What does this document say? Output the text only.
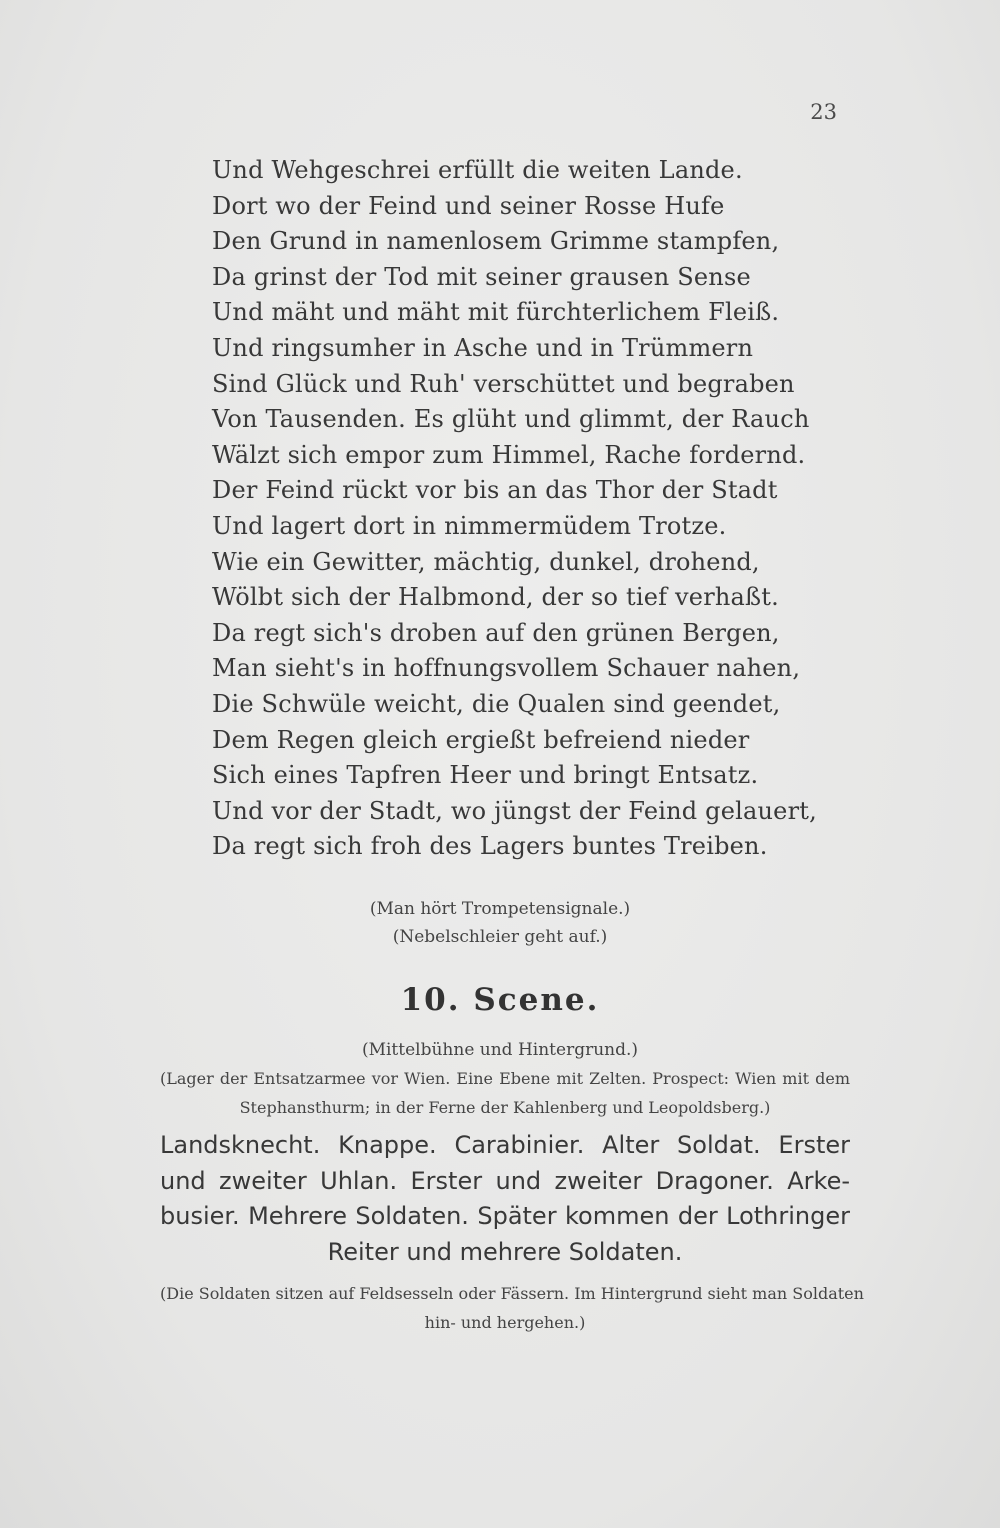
23
Und Wehgeschrei erfüllt die weiten Lande.
Dort wo der Feind und seiner Rosse Hufe
Den Grund in namenlosem Grimme stampfen,
Da grinst der Tod mit seiner grausen Sense
Und mäht und mäht mit fürchterlichem Fleiß.
Und ringsumher in Asche und in Trümmern
Sind Glück und Ruh' verschüttet und begraben
Von Tausenden. Es glüht und glimmt, der Rauch
Wälzt sich empor zum Himmel, Rache fordernd.
Der Feind rückt vor bis an das Thor der Stadt
Und lagert dort in nimmermüdem Trotze.
Wie ein Gewitter, mächtig, dunkel, drohend,
Wölbt sich der Halbmond, der so tief verhaßt.
Da regt sich's droben auf den grünen Bergen,
Man sieht's in hoffnungsvollem Schauer nahen,
Die Schwüle weicht, die Qualen sind geendet,
Dem Regen gleich ergießt befreiend nieder
Sich eines Tapfren Heer und bringt Entsatz.
Und vor der Stadt, wo jüngst der Feind gelauert,
Da regt sich froh des Lagers buntes Treiben.
(Man hört Trompetensignale.)
(Nebelschleier geht auf.)
10. Scene.
(Mittelbühne und Hintergrund.)
(Lager der Entsatzarmee vor Wien. Eine Ebene mit Zelten. Prospect: Wien mit dem
Stephansthurm; in der Ferne der Kahlenberg und Leopoldsberg.)
Landsknecht. Knappe. Carabinier. Alter Soldat. Erster
und zweiter Uhlan. Erster und zweiter Dragoner. Arke-
busier. Mehrere Soldaten. Später kommen der Lothringer
Reiter und mehrere Soldaten.
(Die Soldaten sitzen auf Feldsesseln oder Fässern. Im Hintergrund sieht man Soldaten
hin- und hergehen.)
